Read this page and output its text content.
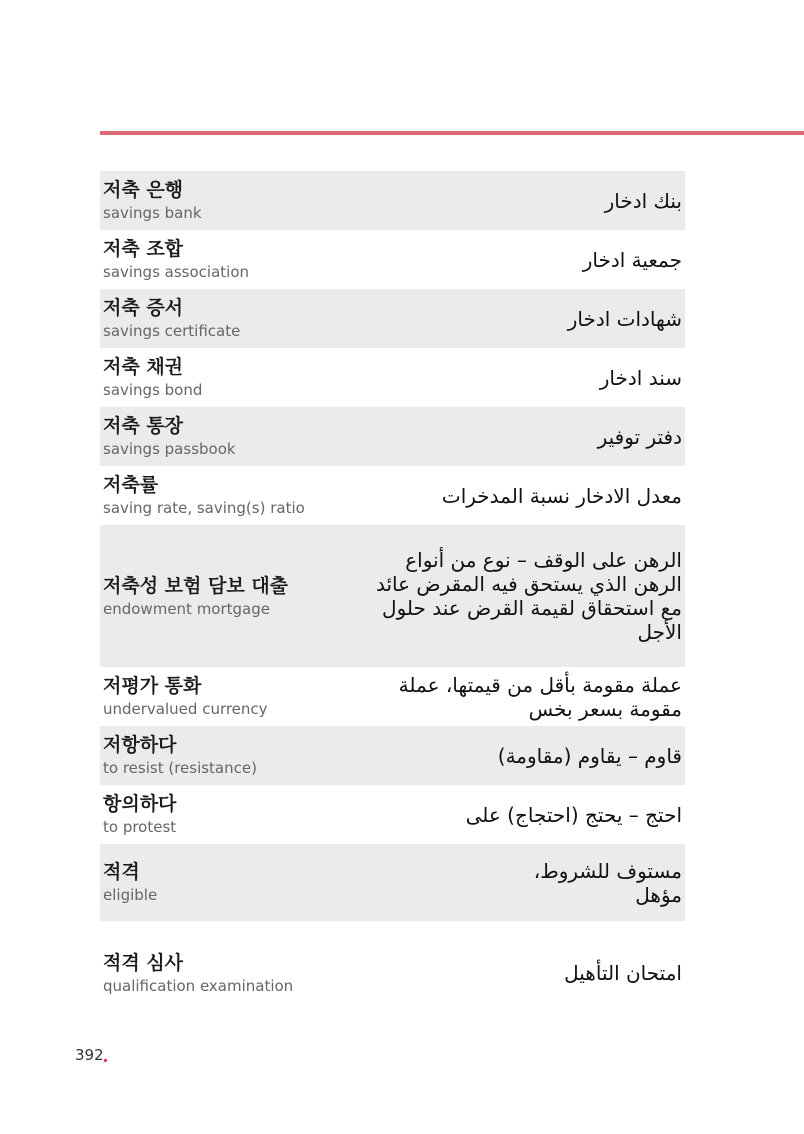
저축 은행
savings bank
بنك ادخار
저축 조합
savings association
جمعية ادخار
저축 증서
savings certificate
شهادات ادخار
저축 채권
savings bond
سند ادخار
저축 통장
savings passbook
دفتر توفير
저축률
saving rate, saving(s) ratio
معدل الادخار نسبة المدخرات
저축성 보험 담보 대출
endowment mortgage
الرهن على الوقف – نوع من أنواع الرهن الذي يستحق فيه المقرض عائد مع استحقاق لقيمة القرض عند حلول الأجل
저평가 통화
undervalued currency
عملة مقومة بأقل من قيمتها، عملة مقومة بسعر بخس
저항하다
to resist (resistance)
قاوم – يقاوم (مقاومة)
항의하다
to protest
احتج – يحتج (احتجاج) على
적격
eligible
مستوف للشروط، مؤهل
적격 심사
qualification examination
امتحان التأهيل
392
